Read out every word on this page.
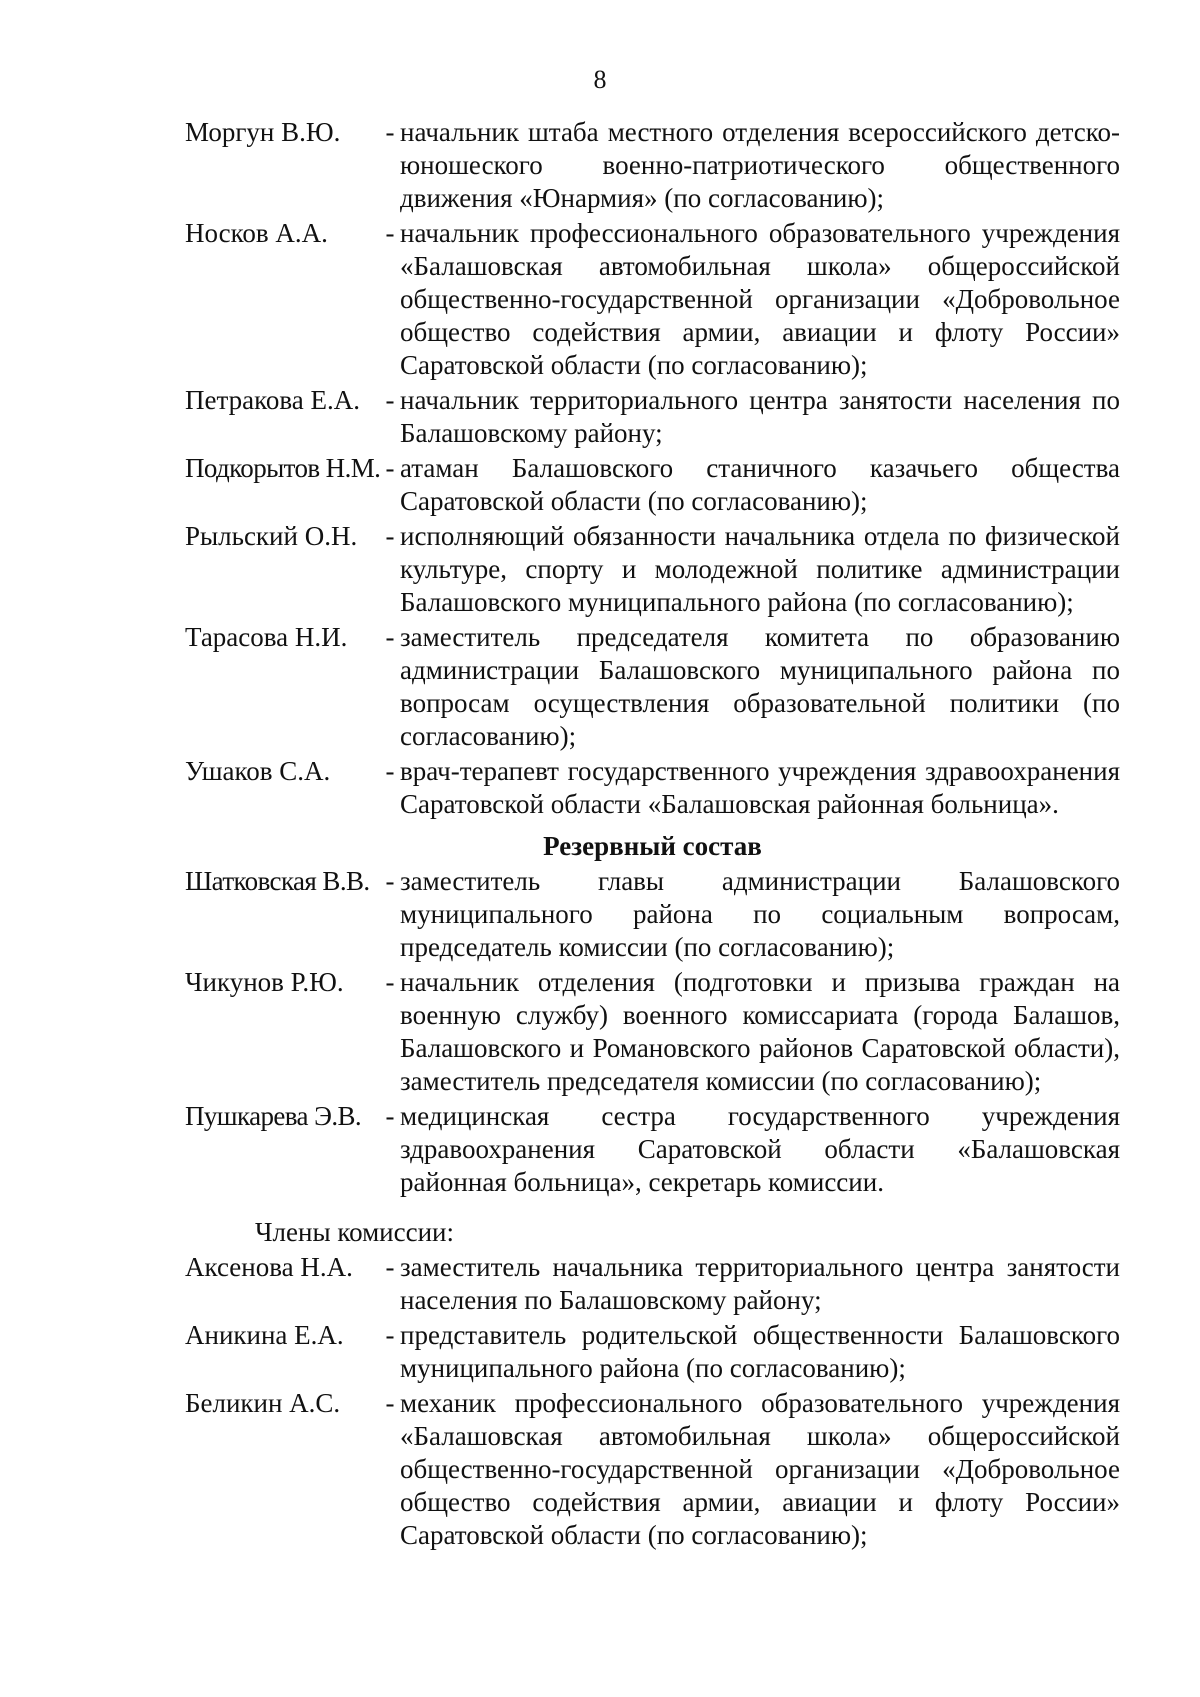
8
Моргун В.Ю.	- начальник штаба местного отделения всероссийского детско-юношеского военно-патриотического общественного движения «Юнармия» (по согласованию);
Носков А.А.	- начальник профессионального образовательного учреждения «Балашовская автомобильная школа» общероссийской общественно-государственной организации «Добровольное общество содействия армии, авиации и флоту России» Саратовской области (по согласованию);
Петракова Е.А. - начальник территориального центра занятости населения по Балашовскому району;
Подкорытов Н.М. - атаман Балашовского станичного казачьего общества Саратовской области (по согласованию);
Рыльский О.Н.	- исполняющий обязанности начальника отдела по физической культуре, спорту и молодежной политике администрации Балашовского муниципального района (по согласованию);
Тарасова Н.И.	- заместитель председателя комитета по образованию администрации Балашовского муниципального района по вопросам осуществления образовательной политики (по согласованию);
Ушаков С.А.	- врач-терапевт государственного учреждения здравоохранения Саратовской области «Балашовская районная больница».
Резервный состав
Шатковская В.В. - заместитель главы администрации Балашовского муниципального района по социальным вопросам, председатель комиссии (по согласованию);
Чикунов Р.Ю.	- начальник отделения (подготовки и призыва граждан на военную службу) военного комиссариата (города Балашов, Балашовского и Романовского районов Саратовской области), заместитель председателя комиссии (по согласованию);
Пушкарева Э.В. - медицинская сестра государственного учреждения здравоохранения Саратовской области «Балашовская районная больница», секретарь комиссии.
Члены комиссии:
Аксенова Н.А.	- заместитель начальника территориального центра занятости населения по Балашовскому району;
Аникина Е.А.	- представитель родительской общественности Балашовского муниципального района (по согласованию);
Беликин А.С.	- механик профессионального образовательного учреждения «Балашовская автомобильная школа» общероссийской общественно-государственной организации «Добровольное общество содействия армии, авиации и флоту России» Саратовской области (по согласованию);
